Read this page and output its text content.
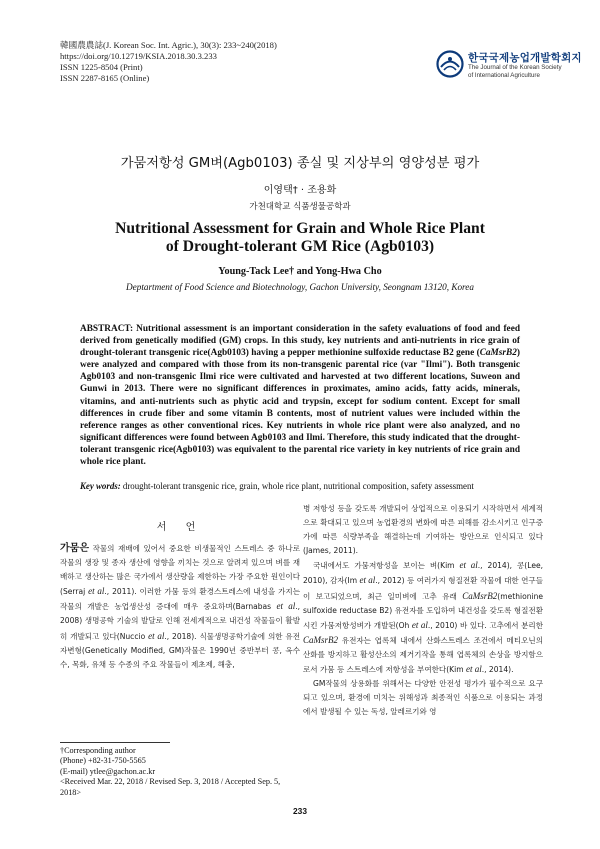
韓國農農誌(J. Korean Soc. Int. Agric.), 30(3): 233~240(2018)
https://doi.org/10.12719/KSIA.2018.30.3.233
ISSN 1225-8504 (Print)
ISSN 2287-8165 (Online)
한국국제농업개발학회지
The Journal of the Korean Society
of International Agriculture
가뭄저항성 GM벼(Agb0103) 종실 및 지상부의 영양성분 평가
이영택† · 조용화
가천대학교 식품생물공학과
Nutritional Assessment for Grain and Whole Rice Plant
of Drought-tolerant GM Rice (Agb0103)
Young-Tack Lee† and Yong-Hwa Cho
Deptartment of Food Science and Biotechnology, Gachon University, Seongnam 13120, Korea
ABSTRACT: Nutritional assessment is an important consideration in the safety evaluations of food and feed derived from genetically modified (GM) crops. In this study, key nutrients and anti-nutrients in rice grain of drought-tolerant transgenic rice(Agb0103) having a pepper methionine sulfoxide reductase B2 gene (CaMsrB2) were analyzed and compared with those from its non-transgenic parental rice (var "Ilmi"). Both transgenic Agb0103 and non-transgenic Ilmi rice were cultivated and harvested at two different locations, Suweon and Gunwi in 2013. There were no significant differences in proximates, amino acids, fatty acids, minerals, vitamins, and anti-nutrients such as phytic acid and trypsin, except for sodium content. Except for small differences in crude fiber and some vitamin B contents, most of nutrient values were included within the reference ranges as other conventional rices. Key nutrients in whole rice plant were also analyzed, and no significant differences were found between Agb0103 and Ilmi. Therefore, this study indicated that the drought-tolerant transgenic rice(Agb0103) was equivalent to the parental rice variety in key nutrients of rice grain and whole rice plant.
Key words: drought-tolerant transgenic rice, grain, whole rice plant, nutritional composition, safety assessment
서 언
가뭄은 작물의 재배에 있어서 중요한 비생물적인 스트레스 중 하나로 작물의 생장 및 종자 생산에 영향을 끼치는 것으로 알려져 있으며 벼를 재배하고 생산하는 많은 국가에서 생산량을 제한하는 가장 주요한 원인이다(Serraj et al., 2011). 이러한 가뭄 등의 환경스트레스에 내성을 가지는 작물의 개발은 농업생산성 증대에 매우 중요하며(Barnabas et al., 2008) 생명공학 기술의 발달로 인해 전세계적으로 내건성 작물들이 활발히 개발되고 있다(Nuccio et al., 2018). 식물생명공학기술에 의한 유전자변형(Genetically Modified, GM)작물은 1990년 중반부터 콩, 옥수수, 목화, 유채 등 수종의 주요 작물들이 제초제, 해충,
병 저항성 등을 갖도록 개발되어 상업적으로 이용되기 시작하면서 세계적으로 확대되고 있으며 농업환경의 변화에 따른 피해를 감소시키고 인구증가에 따른 식량부족을 해결하는데 기여하는 방안으로 인식되고 있다(James, 2011).
국내에서도 가뭄저항성을 보이는 벼(Kim et al., 2014), 콩(Lee, 2010), 감자(Im et al., 2012) 등 여러가지 형질전환 작물에 대한 연구들이 보고되었으며, 최근 일미벼에 고추 유래 CaMsrB2(methionine sulfoxide reductase B2) 유전자를 도입하여 내건성을 갖도록 형질전환시킨 가뭄저항성벼가 개발된(Oh et al., 2010) 바 있다. 고추에서 분리한 CaMsrB2 유전자는 엽록체 내에서 산화스트레스 조건에서 메티오닌의 산화를 방지하고 활성산소의 제거기작을 통해 엽록체의 손상을 방지함으로서 가뭄 등 스트레스에 저항성을 부여한다(Kim et al., 2014).
GM작물의 상용화를 위해서는 다양한 안전성 평가가 필수적으로 요구되고 있으며, 환경에 미치는 위해성과 최종적인 식품으로 이용되는 과정에서 발생될 수 있는 독성, 알레르기와 영
†Corresponding author
(Phone) +82-31-750-5565
(E-mail) ytlee@gachon.ac.kr
<Received Mar. 22, 2018 / Revised Sep. 3, 2018 / Accepted Sep. 5, 2018>
233
